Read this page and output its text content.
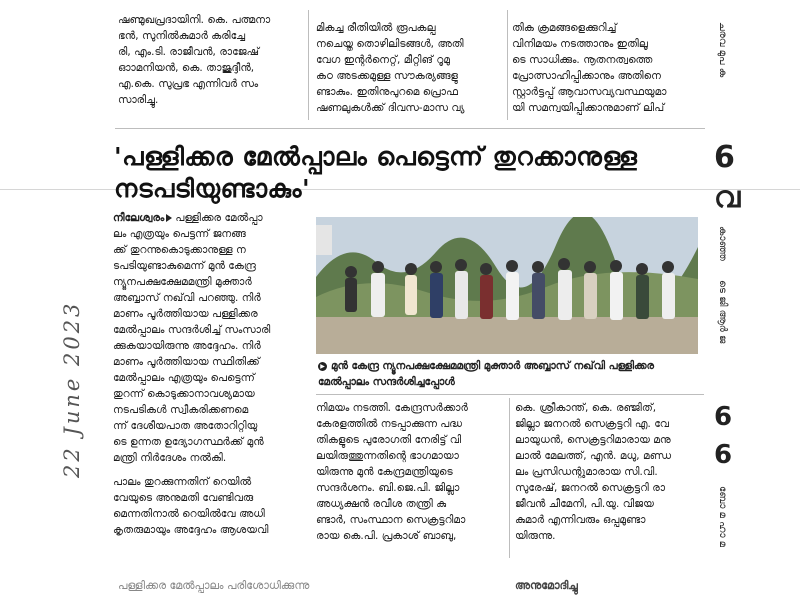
ഷണ്മുഖപ്രദായിനി. കെ. പത്മനാ
ഭൻ, സുനിൽകുമാർ കരിച്ചേ
രി, എം.ടി. രാജീവൻ, രാജേഷ്
ഓാമനിയൻ, കെ. താജുദ്ദീൻ,
എ.കെ. സുപ്രഭ എന്നിവർ സം
സാരിച്ചു.
മികച്ച രീതിയിൽ രൂപകല്പ
നചെയ്ത തൊഴിലിടങ്ങൾ, അതി
വേഗ ഇന്റർനെറ്റ്, മീറ്റിങ് റൂമു
കഠ അടക്കമുള്ള സൗകര്യങ്ങളു
ണ്ടാകും. ഇതിനുപുറമെ പ്രൊഫ
ഷണലുകൾക്ക് ദിവസ-മാസ വ്യ
തിക ക്രമങ്ങളെക്കുറിച്ച്
വിനിമയം നടത്താനും ഇതിലൂ
ടെ സാധിക്കും. നൂതനത്വത്തെ
പ്രോത്സാഹിപ്പിക്കാനും അതിനെ
സ്റ്റാർട്ടപ്പ് ആവാസവ്യവസ്ഥയുമാ
യി സമന്വയിപ്പിക്കാനുമാണ് ലിപ്
'പള്ളിക്കര മേൽപ്പാലം പെട്ടെന്ന് തുറക്കാനുള്ള
നടപടിയുണ്ടാകും'
നീലേശ്വരം പള്ളിക്കര മേൽപ്പാ
ലം എത്രയും പെട്ടന്ന് ജനങ്ങ
ക്ക് തുറന്നുകൊടുക്കാനുള്ള ന
ടപടിയുണ്ടാകുമെന്ന് മുൻ കേന്ദ്ര
ന്യൂനപക്ഷക്ഷേമമന്ത്രി മുക്താർ
അബ്ബാസ് നഖ്‌വി പറഞ്ഞു. നിർ
മാണം പൂർത്തിയായ പള്ളിക്കര
മേൽപ്പാലം സന്ദർശിച്ച് സംസാരി
ക്കുകയായിരുന്നു അദ്ദേഹം. നിർ
മാണം പൂർത്തിയായ സ്ഥിതിക്ക്
മേൽപ്പാലം എത്രയും പെട്ടെന്ന്
തുറന്ന് കൊടുക്കാനാവശ്യമായ
നടപടികൾ സ്വീകരിക്കണമെ
ന്ന് ദേശീയപാത അതോറിറ്റിയു
ടെ ഉന്നത ഉദ്യോഗസ്ഥർക്ക് മുൻ
മന്ത്രി നിർദേശം നൽകി.
പാലം തുറക്കുന്നതിന് റെയിൽ
വേയുടെ അനുമതി വേണ്ടിവരു
മെന്നതിനാൽ റെയിൽവേ അധി
കൃതരുമായും അദ്ദേഹം ആശയവി
▶ മുൻ കേന്ദ്ര ന്യൂനപക്ഷക്ഷേമമന്ത്രി മുക്താർ അബ്ബാസ് നഖ്‌വി പള്ളിക്കര
മേൽപ്പാലം സന്ദർശിച്ചപ്പോൾ
നിമയം നടത്തി. കേന്ദ്രസർക്കാർ
കേരളത്തിൽ നടപ്പാക്കുന്ന പദ്ധ
തികളുടെ പുരോഗതി നേരിട്ട് വി
ലയിരുത്തുന്നതിന്റെ ഭാഗമായാ
യിരുന്നു മുൻ കേന്ദ്രമന്ത്രിയുടെ
സന്ദർശനം. ബി.ജെ.പി. ജില്ലാ
അധ്യക്ഷൻ രവീശ തന്ത്രി കു
ണ്ടാർ, സംസ്ഥാന സെക്രട്ടറിമാ
രായ കെ.പി. പ്രകാശ് ബാബു,
കെ. ശ്രീകാന്ത്, കെ. രഞ്ജിത്,
ജില്ലാ ജനറൽ സെക്രട്ടറി എ. വേ
ലായുധൻ, സെക്രട്ടറിമാരായ മനു
ലാൽ മേലത്ത്, എൻ. മധു, മണ്ഡ
ലം പ്രസിഡന്റുമാരായ സി.വി.
സുരേഷ്, ജനറൽ സെക്രട്ടറി രാ
ജീവൻ ചീമേനി, പി.യു. വിജയ
കുമാർ എന്നിവരും ഒപ്പമുണ്ടാ
യിരുന്നു.
22 June 2023
ചരവ മുപ ക
6
വ
കാഞ്ഞ
ടെ ജി ആർ ജ
6
6
ബോ മ ഹാ മ
പള്ളിക്കര മേൽപ്പാലം പരിശോധിക്കുന്നു	അനുമോദിച്ചു
